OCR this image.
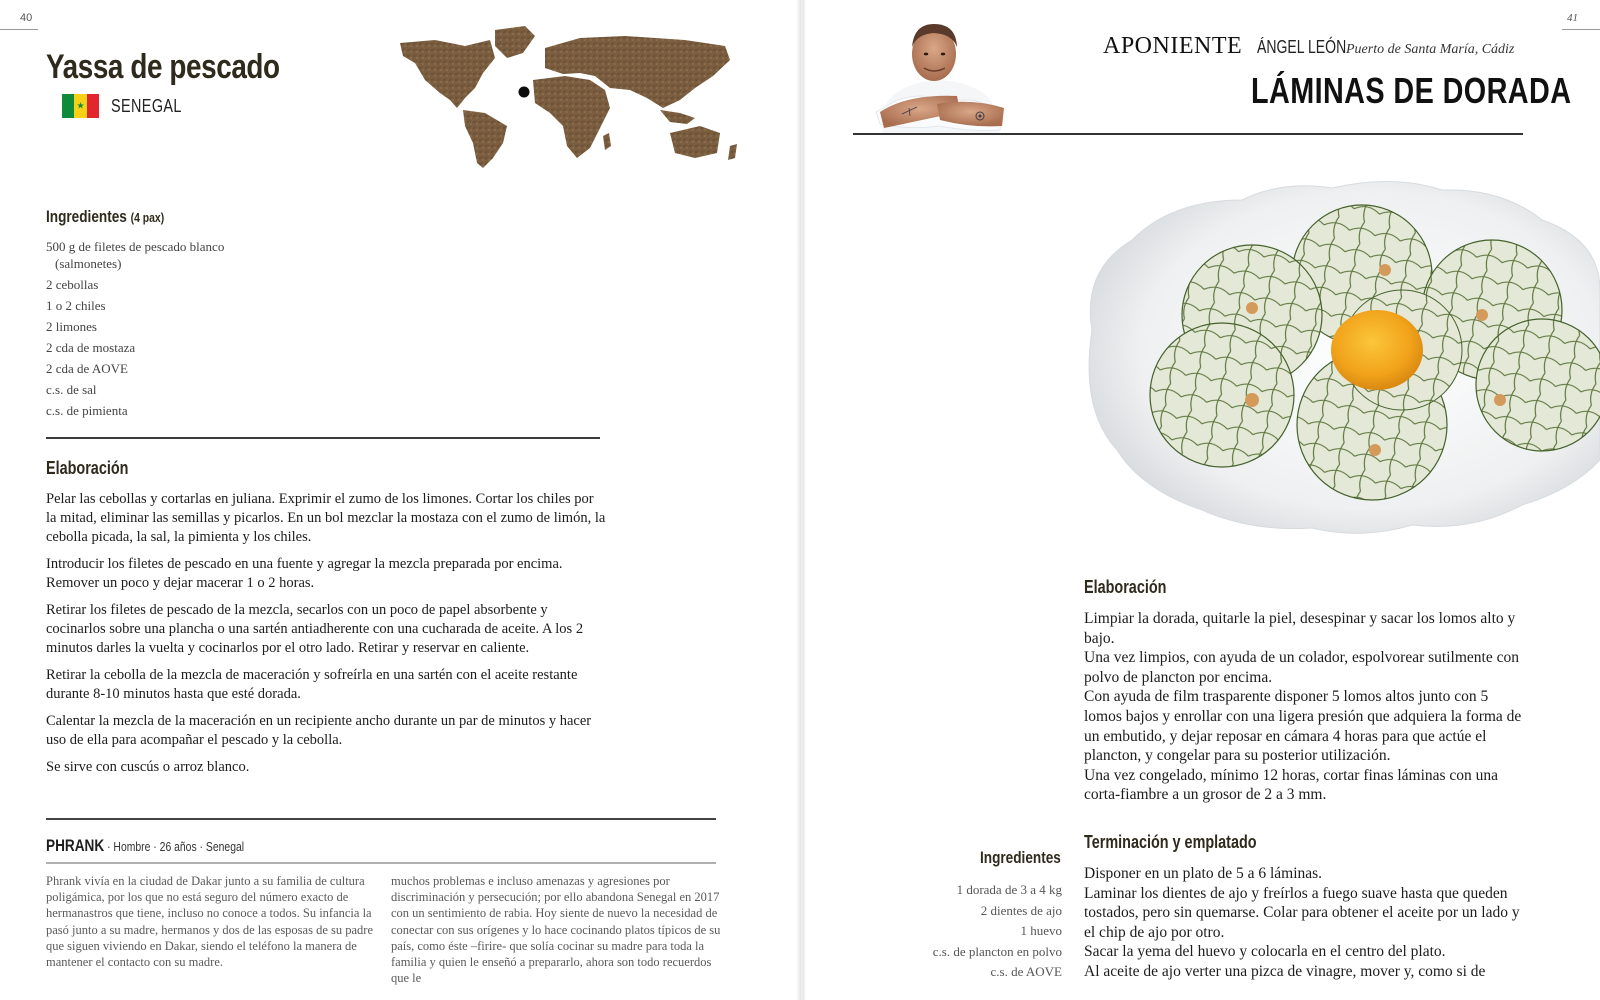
40
Yassa de pescado
★
SENEGAL
Ingredientes (4 pax)
500 g de filetes de pescado blanco
(salmonetes)
2 cebollas
1 o 2 chiles
2 limones
2 cda de mostaza
2 cda de AOVE
c.s. de sal
c.s. de pimienta
Elaboración

Pelar las cebollas y cortarlas en juliana. Exprimir el zumo de los limones. Cortar los chiles por la mitad, eliminar las semillas y picarlos. En un bol mezclar la mostaza con el zumo de limón, la cebolla picada, la sal, la pimienta y los chiles.

Introducir los filetes de pescado en una fuente y agregar la mezcla preparada por encima. Remover un poco y dejar macerar 1 o 2 horas.

Retirar los filetes de pescado de la mezcla, secarlos con un poco de papel absorbente y cocinarlos sobre una plancha o una sartén antiadherente con una cucharada de aceite. A los 2 minutos darles la vuelta y cocinarlos por el otro lado. Retirar y reservar en caliente.

Retirar la cebolla de la mezcla de maceración y sofreírla en una sartén con el aceite restante durante 8-10 minutos hasta que esté dorada.

Calentar la mezcla de la maceración en un recipiente ancho durante un par de minutos y hacer uso de ella para acompañar el pescado y la cebolla.

Se sirve con cuscús o arroz blanco.

PHRANK · Hombre · 26 años · Senegal

Phrank vivía en la ciudad de Dakar junto a su familia de cultura poligámica, por los que no está seguro del número exacto de hermanastros que tiene, incluso no conoce a todos. Su infancia la pasó junto a su madre, hermanos y dos de las esposas de su padre que siguen viviendo en Dakar, siendo el teléfono la manera de mantener el contacto con su madre.

muchos problemas e incluso amenazas y agresiones por discriminación y persecución; por ello abandona Senegal en 2017 con un sentimiento de rabia. Hoy siente de nuevo la necesidad de conectar con sus orígenes y lo hace cocinando platos típicos de su país, como éste –firire- que solía cocinar su madre para toda la familia y quien le enseñó a prepararlo, ahora son todo recuerdos que le

41
APONIENTE ÁNGEL LEÓN Puerto de Santa María, Cádiz
LÁMINAS DE DORADA
Elaboración
Limpiar la dorada, quitarle la piel, desespinar y sacar los lomos alto y bajo.
Una vez limpios, con ayuda de un colador, espolvorear sutilmente con polvo de plancton por encima.
Con ayuda de film trasparente disponer 5 lomos altos junto con 5 lomos bajos y enrollar con una ligera presión que adquiera la forma de un embutido, y dejar reposar en cámara 4 horas para que actúe el plancton, y congelar para su posterior utilización.
Una vez congelado, mínimo 12 horas, cortar finas láminas con una corta-fiambre a un grosor de 2 a 3 mm.
Ingredientes
1 dorada de 3 a 4 kg
2 dientes de ajo
1 huevo
c.s. de plancton en polvo
c.s. de AOVE
Terminación y emplatado
Disponer en un plato de 5 a 6 láminas.
Laminar los dientes de ajo y freírlos a fuego suave hasta que queden tostados, pero sin quemarse. Colar para obtener el aceite por un lado y el chip de ajo por otro.
Sacar la yema del huevo y colocarla en el centro del plato.
Al aceite de ajo verter una pizca de vinagre, mover y, como si de
